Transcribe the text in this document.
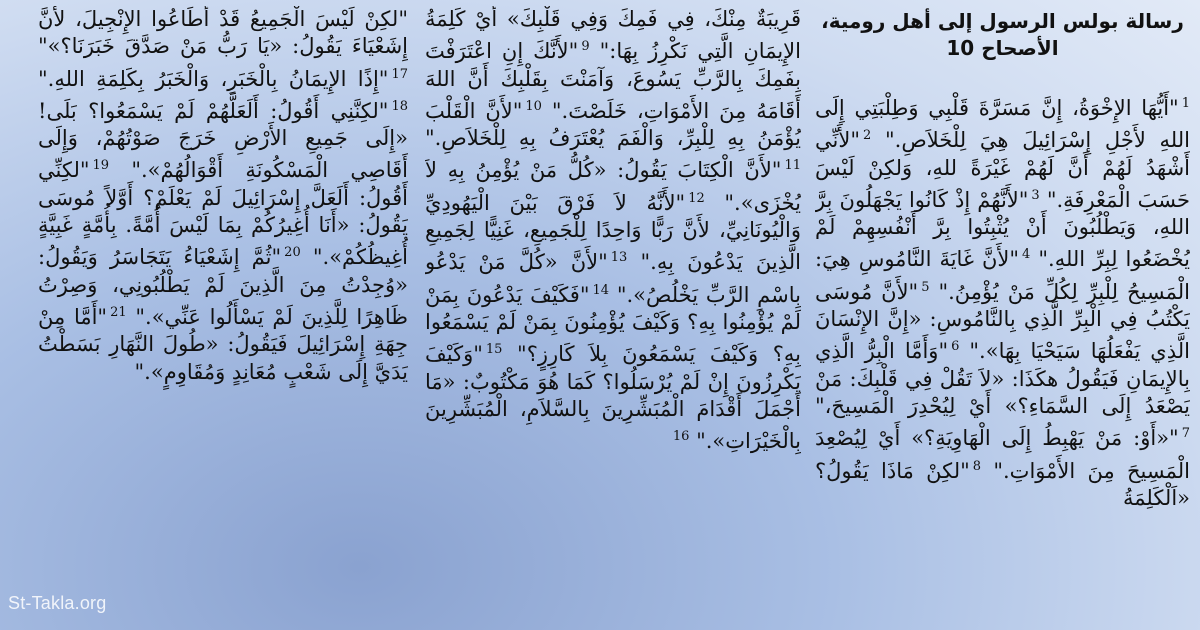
رسالة بولس الرسول إلى أهل رومية،
الأصحاح 10
$^1$"أَيُّهَا الإِخْوَةُ، إِنَّ مَسَرَّةَ قَلْبِي وَطِلْبَتِي إِلَى اللهِ لأَجْلِ إِسْرَائِيلَ هِيَ لِلْخَلاَصِ." $^2$"لأَنِّي أَشْهَدُ لَهُمْ أَنَّ لَهُمْ غَيْرَةً للهِ، وَلكِنْ لَيْسَ حَسَبَ الْمَعْرِفَةِ." $^3$"لأَنَّهُمْ إِذْ كَانُوا يَجْهَلُونَ بِرَّ اللهِ، وَيَطْلُبُونَ أَنْ يُثْبِتُوا بِرَّ أَنْفُسِهِمْ لَمْ يُخْضَعُوا لِبِرِّ اللهِ." $^4$"لأَنَّ غَايَةَ النَّامُوسِ هِيَ: الْمَسِيحُ لِلْبِرِّ لِكُلِّ مَنْ يُؤْمِنُ." $^5$"لأَنَّ مُوسَى يَكْتُبُ فِي الْبِرِّ الَّذِي بِالنَّامُوسِ: «إِنَّ الإِنْسَانَ الَّذِي يَفْعَلُهَا سَيَحْيَا بِهَا»." $^6$"وَأَمَّا الْبِرُّ الَّذِي بِالإِيمَانِ فَيَقُولُ هكَذَا: «لاَ تَقُلْ فِي قَلْبِكَ: مَنْ يَصْعَدُ إِلَى السَّمَاءِ؟» أَيْ لِيُحْدِرَ الْمَسِيحَ،" $^7$"«أَوْ: مَنْ يَهْبِطُ إِلَى الْهَاوِيَةِ؟» أَيْ لِيُصْعِدَ الْمَسِيحَ مِنَ الأَمْوَاتِ." $^8$"لكِنْ مَاذَا يَقُولُ؟ «اَلْكَلِمَةُ
قَرِيبَةٌ مِنْكَ، فِي فَمِكَ وَفِي قَلْبِكَ» أَيْ كَلِمَةُ الإِيمَانِ الَّتِي نَكْرِزُ بِهَا:" $^9$"لأَنَّكَ إِنِ اعْتَرَفْتَ بِفَمِكَ بِالرَّبِّ يَسُوعَ، وَآمَنْتَ بِقَلْبِكَ أَنَّ اللهَ أَقَامَهُ مِنَ الأَمْوَاتِ، خَلَصْتَ." $^{10}$"لأَنَّ الْقَلْبَ يُؤْمَنُ بِهِ لِلْبِرِّ، وَالْفَمَ يُعْتَرَفُ بِهِ لِلْخَلاَصِ." $^{11}$"لأَنَّ الْكِتَابَ يَقُولُ: «كُلُّ مَنْ يُؤْمِنُ بِهِ لاَ يُخْزَى»." $^{12}$"لأَنَّهُ لاَ فَرْقَ بَيْنَ الْيَهُودِيِّ وَالْيُونَانِيِّ، لأَنَّ رَبًّا وَاحِدًا لِلْجَمِيعِ، غَنِيًّا لِجَمِيعِ الَّذِينَ يَدْعُونَ بِهِ." $^{13}$"لأَنَّ «كُلَّ مَنْ يَدْعُو بِاسْمِ الرَّبِّ يَخْلُصُ»." $^{14}$"فَكَيْفَ يَدْعُونَ بِمَنْ لَمْ يُؤْمِنُوا بِهِ؟ وَكَيْفَ يُؤْمِنُونَ بِمَنْ لَمْ يَسْمَعُوا بِهِ؟ وَكَيْفَ يَسْمَعُونَ بِلاَ كَارِزٍ؟" $^{15}$"وَكَيْفَ يَكْرِزُونَ إِنْ لَمْ يُرْسَلُوا؟ كَمَا هُوَ مَكْتُوبٌ: «مَا أَجْمَلَ أَقْدَامَ الْمُبَشِّرِينَ بِالسَّلاَمِ، الْمُبَشِّرِينَ بِالْخَيْرَاتِ»." $^{16}$
"لكِنْ لَيْسَ الْجَمِيعُ قَدْ أَطَاعُوا الإِنْجِيلَ، لأَنَّ إِشَعْيَاءَ يَقُولُ: «يَا رَبُّ مَنْ صَدَّقَ خَبَرَنَا؟»" $^{17}$"إِذًا الإِيمَانُ بِالْخَبَرِ، وَالْخَبَرُ بِكَلِمَةِ اللهِ." $^{18}$"لكِنَّنِي أَقُولُ: أَلَعَلَّهُمْ لَمْ يَسْمَعُوا؟ بَلَى! «إِلَى جَمِيعِ الأَرْضِ خَرَجَ صَوْتُهُمْ، وَإِلَى أَقَاصِي الْمَسْكُونَةِ أَقْوَالُهُمْ»." $^{19}$"لكِنِّي أَقُولُ: أَلَعَلَّ إِسْرَائِيلَ لَمْ يَعْلَمْ؟ أَوَّلاً مُوسَى يَقُولُ: «أَنَا أُغِيرُكُمْ بِمَا لَيْسَ أُمَّةً. بِأُمَّةٍ غَبِيَّةٍ أُغِيظُكُمْ»." $^{20}$"ثُمَّ إِشَعْيَاءُ يَتَجَاسَرُ وَيَقُولُ: «وُجِدْتُ مِنَ الَّذِينَ لَمْ يَطْلُبُونِي، وَصِرْتُ ظَاهِرًا لِلَّذِينَ لَمْ يَسْأَلُوا عَنِّي»." $^{21}$"أَمَّا مِنْ جِهَةِ إِسْرَائِيلَ فَيَقُولُ: «طُولَ النَّهَارِ بَسَطْتُ يَدَيَّ إِلَى شَعْبٍ مُعَانِدٍ وَمُقَاوِمٍ»."
St-Takla.org
